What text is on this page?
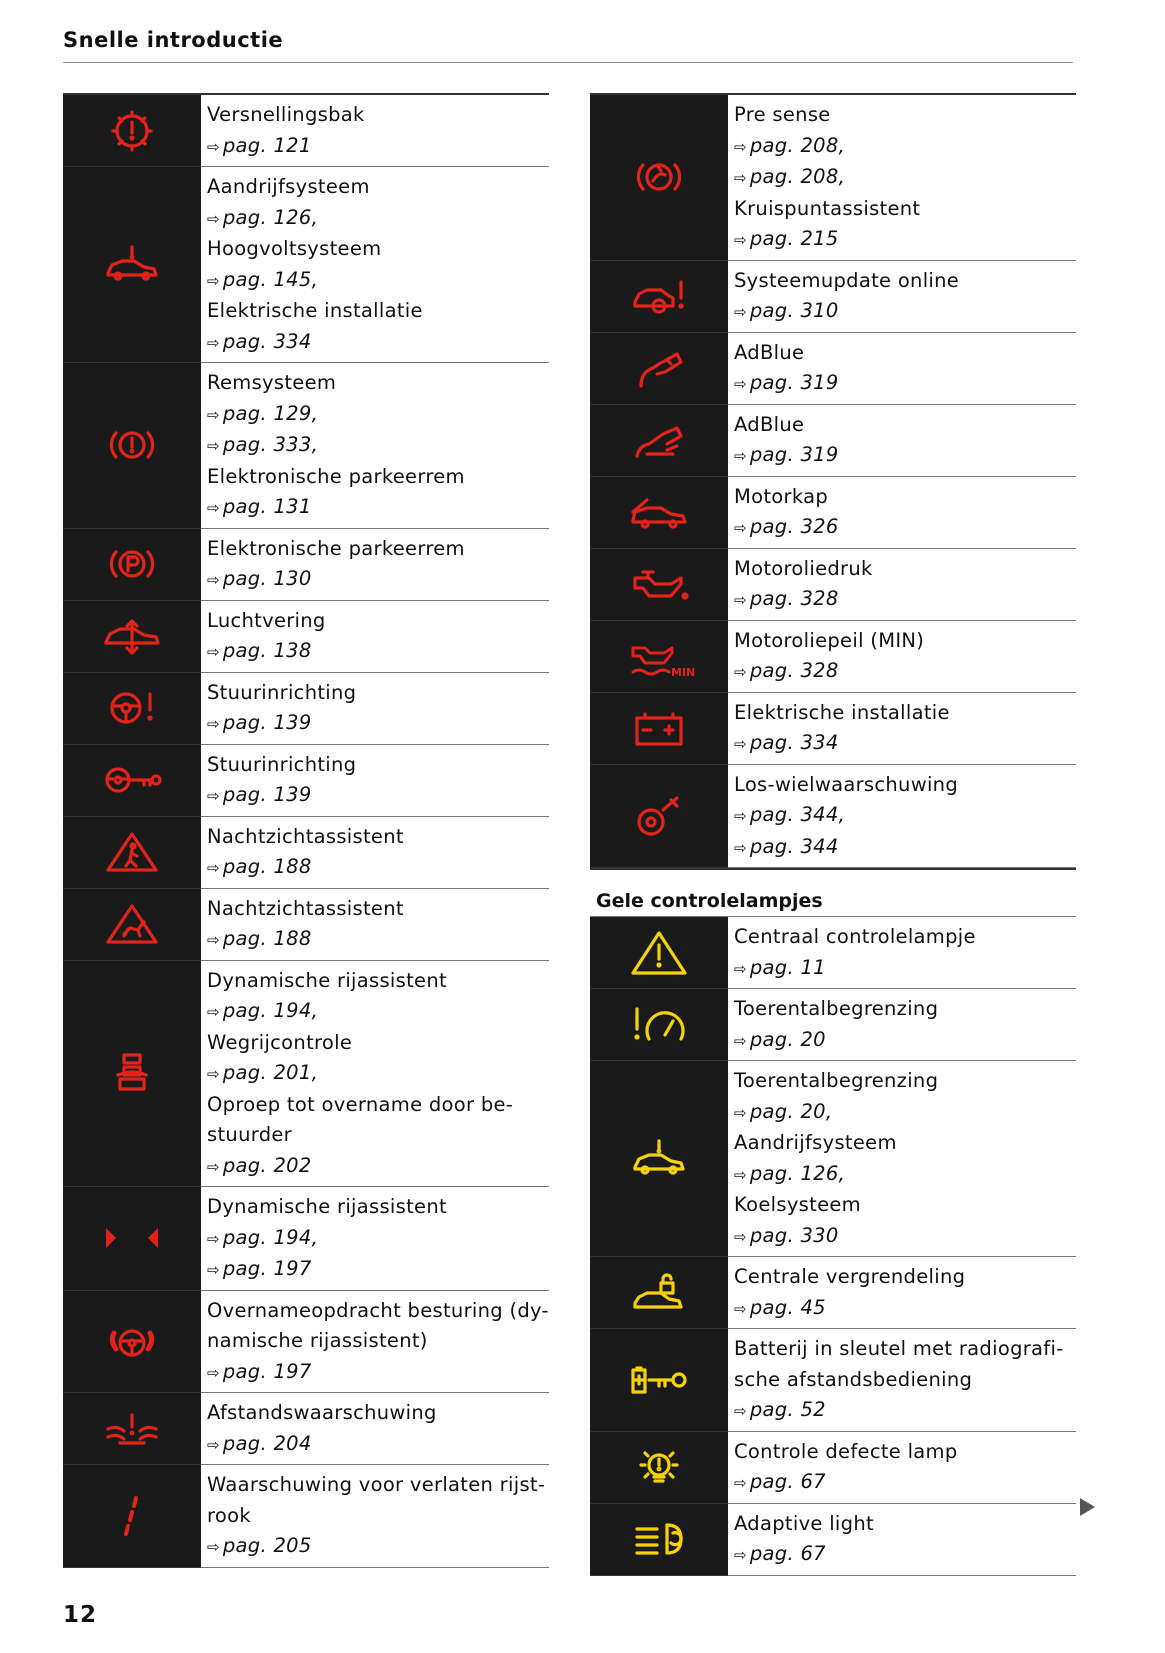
Snelle introductie
Versnellingsbak
⇨ pag. 121
Aandrijfsysteem
⇨ pag. 126,
Hoogvoltsysteem
⇨ pag. 145,
Elektrische installatie
⇨ pag. 334
Remsysteem
⇨ pag. 129,
⇨ pag. 333,
Elektronische parkeerrem
⇨ pag. 131
Elektronische parkeerrem
⇨ pag. 130
Luchtvering
⇨ pag. 138
Stuurinrichting
⇨ pag. 139
Stuurinrichting
⇨ pag. 139
Nachtzichtassistent
⇨ pag. 188
Nachtzichtassistent
⇨ pag. 188
Dynamische rijassistent
⇨ pag. 194,
Wegrijcontrole
⇨ pag. 201,
Oproep tot overname door be-
stuurder
⇨ pag. 202
Dynamische rijassistent
⇨ pag. 194,
⇨ pag. 197
Overnameopdracht besturing (dy-
namische rijassistent)
⇨ pag. 197
Afstandswaarschuwing
⇨ pag. 204
Waarschuwing voor verlaten rijst-
rook
⇨ pag. 205
Pre sense
⇨ pag. 208,
⇨ pag. 208,
Kruispuntassistent
⇨ pag. 215
Systeemupdate online
⇨ pag. 310
AdBlue
⇨ pag. 319
AdBlue
⇨ pag. 319
Motorkap
⇨ pag. 326
Motoroliedruk
⇨ pag. 328
MIN
Motoroliepeil (MIN)
⇨ pag. 328
Elektrische installatie
⇨ pag. 334
Los-wielwaarschuwing
⇨ pag. 344,
⇨ pag. 344
Gele controlelampjes
Centraal controlelampje
⇨ pag. 11
Toerentalbegrenzing
⇨ pag. 20
Toerentalbegrenzing
⇨ pag. 20,
Aandrijfsysteem
⇨ pag. 126,
Koelsysteem
⇨ pag. 330
Centrale vergrendeling
⇨ pag. 45
Batterij in sleutel met radiografi-
sche afstandsbediening
⇨ pag. 52
Controle defecte lamp
⇨ pag. 67
Adaptive light
⇨ pag. 67
12
